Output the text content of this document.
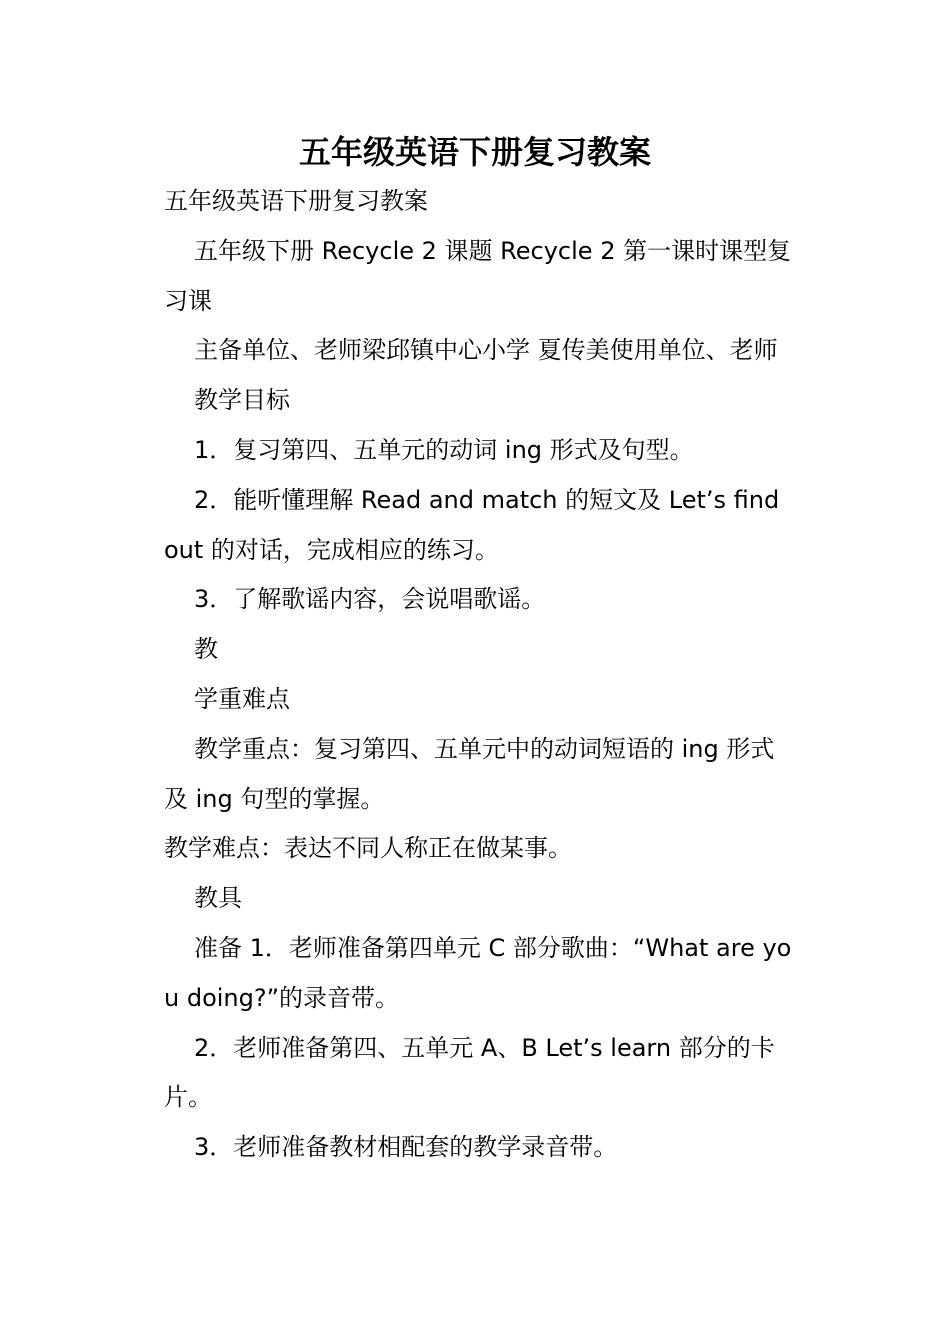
五年级英语下册复习教案

五年级英语下册复习教案

五年级下册 Recycle 2 课题 Recycle 2 第一课时课型复习课

主备单位、老师梁邱镇中心小学 夏传美使用单位、老师

教学目标

1．复习第四、五单元的动词 ing 形式及句型。

2．能听懂理解 Read and match 的短文及 Let’s find out 的对话，完成相应的练习。

3．了解歌谣内容，会说唱歌谣。

教

学重难点

教学重点：复习第四、五单元中的动词短语的 ing 形式及 ing 句型的掌握。

教学难点：表达不同人称正在做某事。

教具

准备 1．老师准备第四单元 C 部分歌曲：“What are you doing?”的录音带。

2．老师准备第四、五单元 A、B Let’s learn 部分的卡片。

3．老师准备教材相配套的教学录音带。
